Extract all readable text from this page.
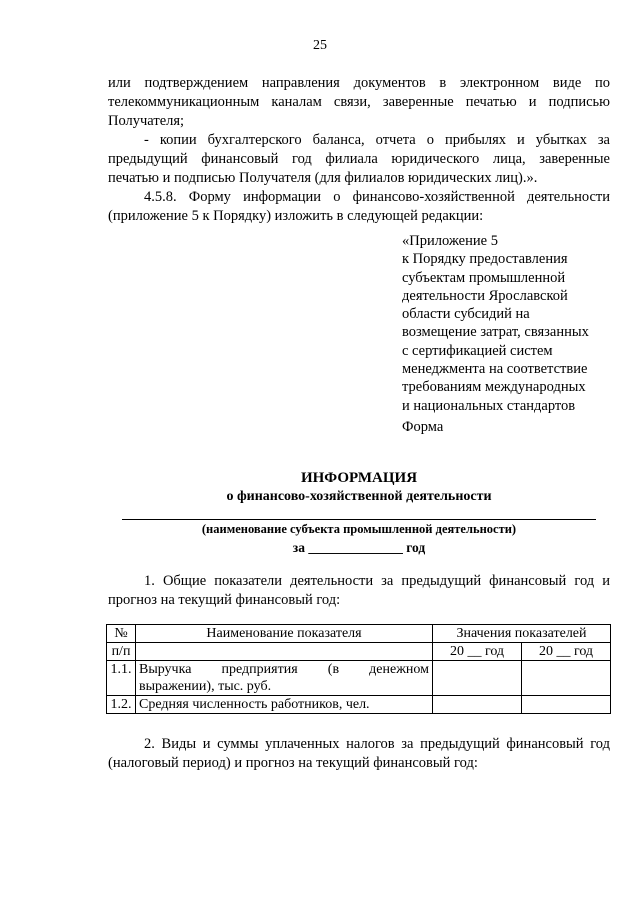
25
или подтверждением направления документов в электронном виде по
телекоммуникационным каналам связи, заверенные печатью и подписью
Получателя;
- копии бухгалтерского баланса, отчета о прибылях и убытках за
предыдущий финансовый год филиала юридического лица, заверенные
печатью и подписью Получателя (для филиалов юридических лиц).».
4.5.8. Форму информации о финансово-хозяйственной деятельности
(приложение 5 к Порядку) изложить в следующей редакции:
«Приложение 5
к Порядку предоставления
субъектам промышленной
деятельности Ярославской
области субсидий на
возмещение затрат, связанных
с сертификацией систем
менеджмента на соответствие
требованиям международных
и национальных стандартов
Форма
ИНФОРМАЦИЯ
о финансово-хозяйственной деятельности
(наименование субъекта промышленной деятельности)
за ______________ год
1. Общие показатели деятельности за предыдущий финансовый год и
прогноз на текущий финансовый год:
№	Наименование показателя	Значения показателей	
п/п		20 __ год	20 __ год
1.1.	Выручка предприятия (в денежном
выражении), тыс. руб.		
1.2.	Средняя численность работников, чел.		
2. Виды и суммы уплаченных налогов за предыдущий финансовый год
(налоговый период) и прогноз на текущий финансовый год:
